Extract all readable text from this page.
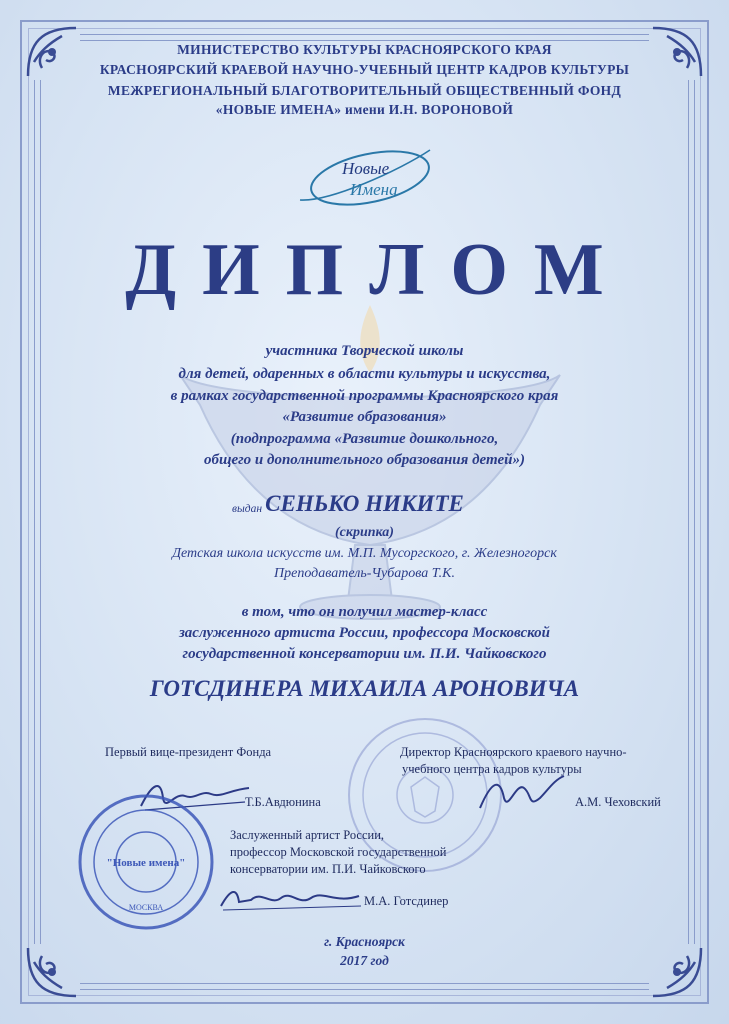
МИНИСТЕРСТВО КУЛЬТУРЫ КРАСНОЯРСКОГО КРАЯ
КРАСНОЯРСКИЙ КРАЕВОЙ НАУЧНО-УЧЕБНЫЙ ЦЕНТР КАДРОВ КУЛЬТУРЫ
МЕЖРЕГИОНАЛЬНЫЙ БЛАГОТВОРИТЕЛЬНЫЙ ОБЩЕСТВЕННЫЙ ФОНД
«НОВЫЕ ИМЕНА» имени И.Н. ВОРОНОВОЙ
Новые
Имена
ДИПЛОМ
участника Творческой школы
для детей, одаренных в области культуры и искусства,
в рамках государственной программы Красноярского края
«Развитие образования»
(подпрограмма «Развитие дошкольного,
общего и дополнительного образования детей»)
выдан СЕНЬКО НИКИТЕ
(скрипка)
Детская школа искусств им. М.П. Мусоргского, г. Железногорск
Преподаватель-Чубарова Т.К.
в том, что он получил мастер-класс
заслуженного артиста России, профессора Московской
государственной консерватории им. П.И. Чайковского
ГОТСДИНЕРА МИХАИЛА АРОНОВИЧА
Первый вице-президент Фонда	Директор Красноярского краевого научно-
учебного центра кадров культуры
Т.Б.Авдюнина	А.М. Чеховский
"Новые имена"
МОСКВА
Заслуженный артист России,
профессор Московской государственной
консерватории им. П.И. Чайковского
М.А. Готсдинер
г. Красноярск
2017 год
